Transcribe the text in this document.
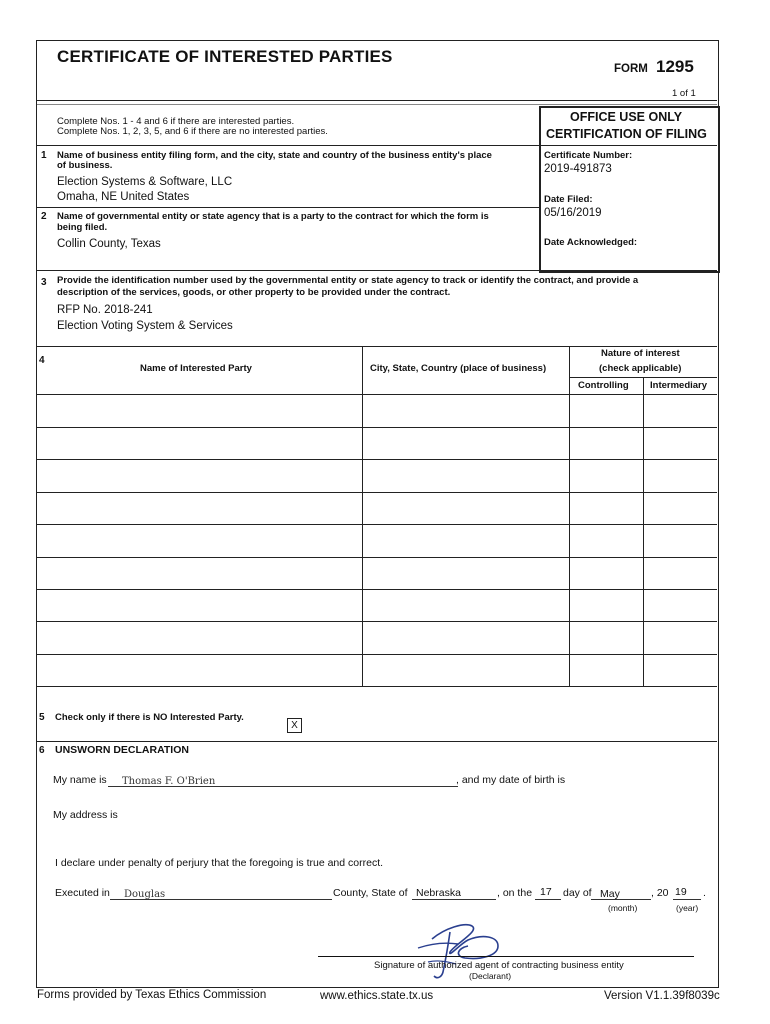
CERTIFICATE OF INTERESTED PARTIES
FORM 1295
1 of 1
Complete Nos. 1 - 4 and 6 if there are interested parties.
Complete Nos. 1, 2, 3, 5, and 6 if there are no interested parties.
OFFICE USE ONLY
CERTIFICATION OF FILING
Certificate Number:
2019-491873
Date Filed:
05/16/2019
Date Acknowledged:
1 Name of business entity filing form, and the city, state and country of the business entity's place
of business.
Election Systems & Software, LLC
Omaha, NE United States
2 Name of governmental entity or state agency that is a party to the contract for which the form is
being filed.
Collin County, Texas
3 Provide the identification number used by the governmental entity or state agency to track or identify the contract, and provide a
description of the services, goods, or other property to be provided under the contract.
RFP No. 2018-241
Election Voting System & Services
4
Name of Interested Party	City, State, Country (place of business)
Nature of interest
(check applicable)
Controlling Intermediary
5 Check only if there is NO Interested Party.
X
6 UNSWORN DECLARATION
My name is Thomas F. O'Brien	, and my date of birth is
My address is
I declare under penalty of perjury that the foregoing is true and correct.
Executed in Douglas	County, State of Nebraska	, on the 17 day of May	, 20 19 .
(month)	(year)
Signature of authorized agent of contracting business entity
(Declarant)
Forms provided by Texas Ethics Commission	www.ethics.state.tx.us	Version V1.1.39f8039c
